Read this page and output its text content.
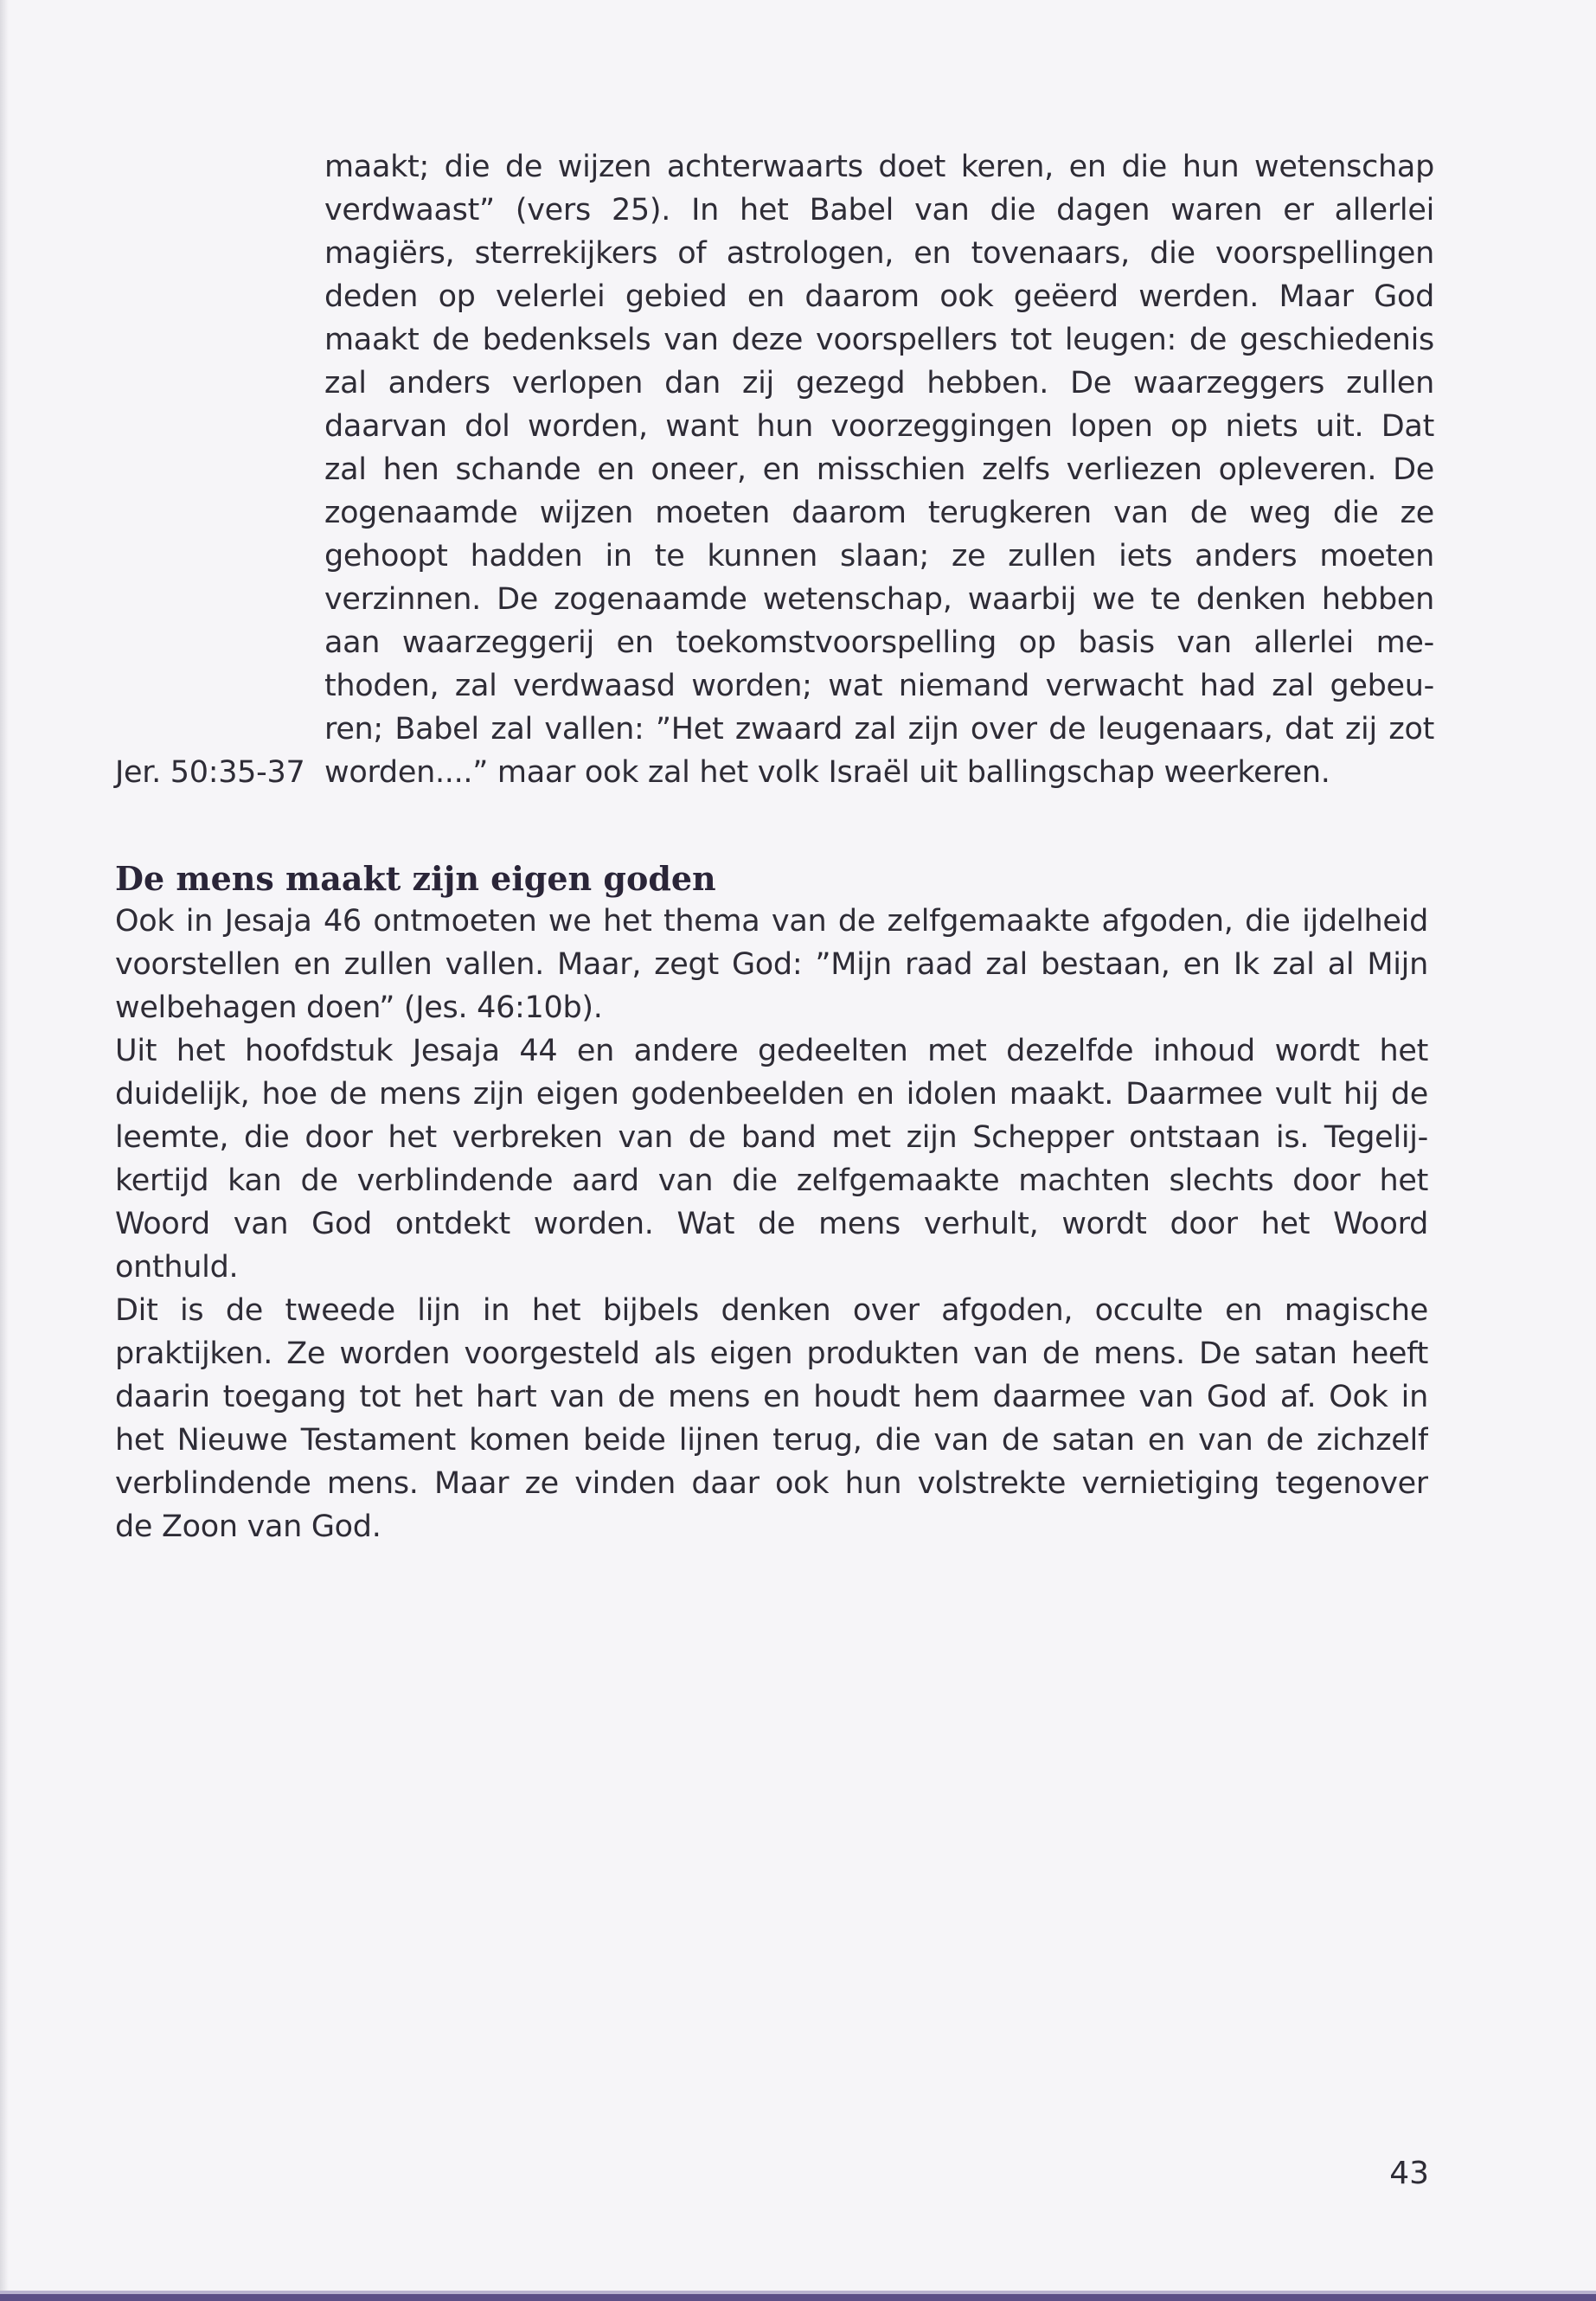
maakt; die de wijzen achterwaarts doet keren, en die hun wetenschap

verdwaast” (vers 25). In het Babel van die dagen waren er allerlei

magiërs, sterrekijkers of astrologen, en tovenaars, die voorspellingen

deden op velerlei gebied en daarom ook geëerd werden. Maar God

maakt de bedenksels van deze voorspellers tot leugen: de geschiedenis

zal anders verlopen dan zij gezegd hebben. De waarzeggers zullen

daarvan dol worden, want hun voorzeggingen lopen op niets uit. Dat

zal hen schande en oneer, en misschien zelfs verliezen opleveren. De

zogenaamde wijzen moeten daarom terugkeren van de weg die ze

gehoopt hadden in te kunnen slaan; ze zullen iets anders moeten

verzinnen. De zogenaamde wetenschap, waarbij we te denken hebben

aan waarzeggerij en toekomstvoorspelling op basis van allerlei me-

thoden, zal verdwaasd worden; wat niemand verwacht had zal gebeu-

ren; Babel zal vallen: ”Het zwaard zal zijn over de leugenaars, dat zij zot

worden....” maar ook zal het volk Israël uit ballingschap weerkeren.

Jer. 50:35-37

De mens maakt zijn eigen goden

Ook in Jesaja 46 ontmoeten we het thema van de zelfgemaakte afgoden, die ijdelheid

voorstellen en zullen vallen. Maar, zegt God: ”Mijn raad zal bestaan, en Ik zal al Mijn

welbehagen doen” (Jes. 46:10b).

Uit het hoofdstuk Jesaja 44 en andere gedeelten met dezelfde inhoud wordt het

duidelijk, hoe de mens zijn eigen godenbeelden en idolen maakt. Daarmee vult hij de

leemte, die door het verbreken van de band met zijn Schepper ontstaan is. Tegelij-

kertijd kan de verblindende aard van die zelfgemaakte machten slechts door het

Woord van God ontdekt worden. Wat de mens verhult, wordt door het Woord

onthuld.

Dit is de tweede lijn in het bijbels denken over afgoden, occulte en magische

praktijken. Ze worden voorgesteld als eigen produkten van de mens. De satan heeft

daarin toegang tot het hart van de mens en houdt hem daarmee van God af. Ook in

het Nieuwe Testament komen beide lijnen terug, die van de satan en van de zichzelf

verblindende mens. Maar ze vinden daar ook hun volstrekte vernietiging tegenover

de Zoon van God.

43
